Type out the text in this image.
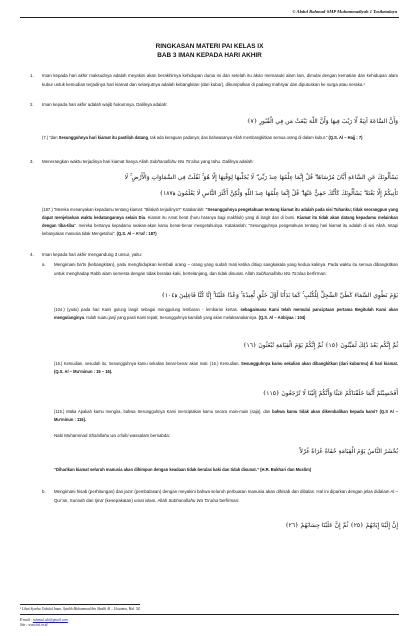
© Abdul Rahmad-SMP Muhammadiyah 1 Tasikmalaya
RINGKASAN MATERI PAI KELAS IX
BAB 3 IMAN KEPADA HARI AKHIR
1. Iman kepada hari akhir maksudnya adalah meyakini akan berakhirnya kehidupan dunia ini dan setelah itu akan memasuki alam lain, dimulai dengan kematian dan kehidupan alam kubur untuk kemudian terjadinya hari kiamat dan selanjutnya adalah kebangkitan (dari kubur), dikumpulkan di padang mahsyar dan diputuskan ke surga atau neraka.¹
2. Iman kepada hari akhir adalah wajib hukumnya. Dalilnya adalah:
وَأَنَّ السَّاعَةَ آتِيَةٌ لَّا رَيْبَ فِيهَا وَأَنَّ اللَّهَ يَبْعَثُ مَن فِي الْقُبُورِ ﴿٧﴾
(7.) “dan Sesungguhnya hari kiamat itu pastilah datang, tak ada keraguan padanya; dan bahwasanya Allah membangkitkan semua orang di dalam kubur.” (Q.S. Al – Hajj : 7)
3. Menerangkan waktu terjadinya hari kiamat hanya Allah Subhanallahu Wa Ta’alaa yang tahu. Dalilnya adalah:
يَسْأَلُونَكَ عَنِ السَّاعَةِ أَيَّانَ مُرْسَاهَا ۖ قُلْ إِنَّمَا عِلْمُهَا عِندَ رَبِّي ۖ لَا يُجَلِّيهَا لِوَقْتِهَا إِلَّا هُوَ ۚ ثَقُلَتْ فِي السَّمَاوَاتِ وَالْأَرْضِ ۚ لَا
تَأْتِيكُمْ إِلَّا بَغْتَةً ۗ يَسْأَلُونَكَ كَأَنَّكَ حَفِيٌّ عَنْهَا ۖ قُلْ إِنَّمَا عِلْمُهَا عِندَ اللَّهِ وَلَٰكِنَّ أَكْثَرَ النَّاسِ لَا يَعْلَمُونَ ﴿١٨٧﴾
(187.) “Mereka menanyakan kepadamu tentang kiamat: “Bilakah terjadinya?” Katakanlah: “Sesungguhnya pengetahuan tentang kiamat itu adalah pada sisi Tuhanku; tidak seorangpun yang dapat menjelaskan waktu kedatangannya selain Dia. Kiamat itu Amat berat (huru haranya bagi makhluk) yang di langit dan di bumi. Kiamat itu tidak akan datang kepadamu melainkan dengan tiba-tiba”. mereka bertanya kepadamu seakan-akan kamu benar-benar mengetahuinya. Katakanlah: “Sesungguhnya pengetahuan tentang hari kiamat itu adalah di sisi Allah, tetapi kebanyakan manusia tidak Mengetahui”. (Q.S. Al – A’raf : 187)
4. Iman kepada hari akhir mengandung 3 unsur, yaitu:
a. Mengimani ba’ts (kebangkitan), yaitu menghidupkan kembali orang – orang yang sudah mati ketika ditiup sangkakala yang kedua kalinya. Pada waktu itu semua dibangkitkan untuk menghadap Rabb alam semesta dengan tidak beralas kaki, bertelanjang, dan tidak disunat. Allah Subhanallahu Wa Ta’alaa berfirman:
يَوْمَ نَطْوِي السَّمَاءَ كَطَيِّ السِّجِلِّ لِلْكُتُبِ ۚ كَمَا بَدَأْنَا أَوَّلَ خَلْقٍ نُّعِيدُهُ ۚ وَعْدًا عَلَيْنَا ۚ إِنَّا كُنَّا فَاعِلِينَ ﴿١٠٤﴾
(104.) (yaitu) pada hari Kami gulung langit sebagai menggulung lembaran - lembaran kertas. sebagaimana Kami telah memulai panciptaan pertama Begitulah Kami akan mengulanginya. Itulah suatu janji yang pasti Kami tepati; Sesungguhnya kamilah yang akan melaksanakannya. (Q.S. Al – Anbiyaa : 104)
ثُمَّ إِنَّكُم بَعْدَ ذَٰلِكَ لَمَيِّتُونَ ﴿١٥﴾ ثُمَّ إِنَّكُمْ يَوْمَ الْقِيَامَةِ تُبْعَثُونَ ﴿١٦﴾
(15.) Kemudian, sesudah itu, Sesungguhnya kamu sekalian benar-benar akan mati. (16.) Kemudian, Sesungguhnya kamu sekalian akan dibangkitkan (dari kuburmu) di hari kiamat. (Q.S. Al – Mu’minun : 15 – 16).
أَفَحَسِبْتُمْ أَنَّمَا خَلَقْنَاكُمْ عَبَثًا وَأَنَّكُمْ إِلَيْنَا لَا تُرْجَعُونَ ﴿١١٥﴾
(115.) Maka Apakah kamu mengira, bahwa Sesungguhnya Kami menciptakan kamu secara main-main (saja), dan bahwa kamu tidak akan dikembalikan kepada kami? (Q.S Al – Mu’minun : 115).
Nabi Muhammad Shalallahu wa a’laihi wassalam bersabda:
يُحْشَرُ النَّاسُ يَوْمَ الْقِيَامَةِ حُفَاةً عُرَاةً غُرْلاً
“Diharikan kiamat seluruh manusia akan dihimpun dengan keadaan tidak beralas kaki dan tidak disunat.” (H.R. Bukhari dan Muslim)
b. Mengimani hisab (perhitungan) dan jaza’ (pembalasan) dengan meyakini bahwa seluruh perbuatan manusia akan dihisab dan dibalas. Hal ini diparkan dengan jelas didalam Al – Qur’an, Sunnah dan Ijma’ (kesepakatan) umat islam. Allah Subhanallahu Wa Ta’alaa berfirman:
إِنَّ إِلَيْنَا إِيَابَهُمْ ﴿٢٥﴾ ثُمَّ إِنَّ عَلَيْنَا حِسَابَهُمْ ﴿٢٦﴾
¹ Lihat Syarha Ushulul Iman, Syaikh Muhammad bin Shalih Al – Utsaimin, Hal. 54.
E-mail : rahmad.abi@gmail.com
Site : www.ini.or.id
